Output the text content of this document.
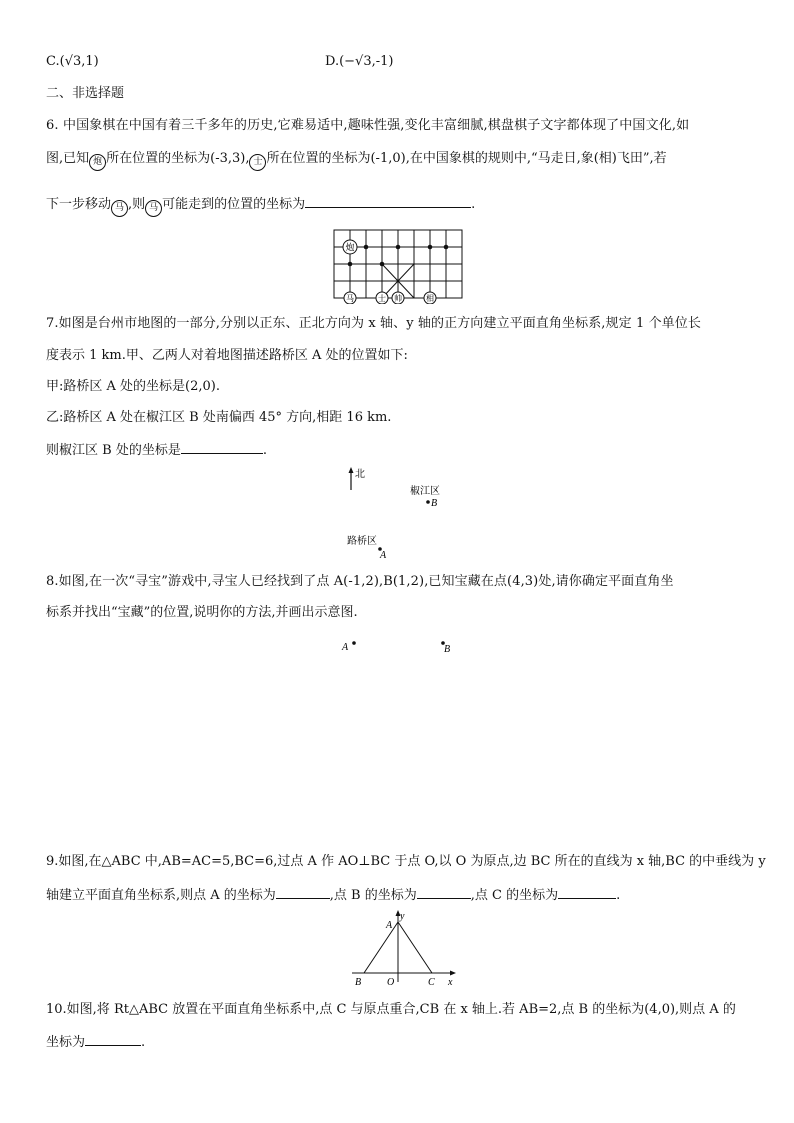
C.(√3,1)	D.(−√3,-1)
二、非选择题
6. 中国象棋在中国有着三千多年的历史,它难易适中,趣味性强,变化丰富细腻,棋盘棋子文字都体现了中国文化,如
图,已知 炮 所在位置的坐标为(-3,3), 士 所在位置的坐标为(-1,0),在中国象棋的规则中,“马走日,象(相)飞田”,若
下一步移动 马 ,则 马 可能走到的位置的坐标为	.
炮
马	士 帅	相
7.如图是台州市地图的一部分,分别以正东、正北方向为 x 轴、y 轴的正方向建立平面直角坐标系,规定 1 个单位长
度表示 1 km.甲、乙两人对着地图描述路桥区 A 处的位置如下:
甲:路桥区 A 处的坐标是(2,0).
乙:路桥区 A 处在椒江区 B 处南偏西 45° 方向,相距 16 km.
则椒江区 B 处的坐标是	.
北
椒江区
B
路桥区
A
8.如图,在一次“寻宝”游戏中,寻宝人已经找到了点 A(-1,2),B(1,2),已知宝藏在点(4,3)处,请你确定平面直角坐
标系并找出“宝藏”的位置,说明你的方法,并画出示意图.
A	B
9.如图,在△ABC 中,AB=AC=5,BC=6,过点 A 作 AO⊥BC 于点 O,以 O 为原点,边 BC 所在的直线为 x 轴,BC 的中垂线为 y
轴建立平面直角坐标系,则点 A 的坐标为	,点 B 的坐标为	,点 C 的坐标为	.
A
y
B	O	C x
10.如图,将 Rt△ABC 放置在平面直角坐标系中,点 C 与原点重合,CB 在 x 轴上.若 AB=2,点 B 的坐标为(4,0),则点 A 的
坐标为	.
